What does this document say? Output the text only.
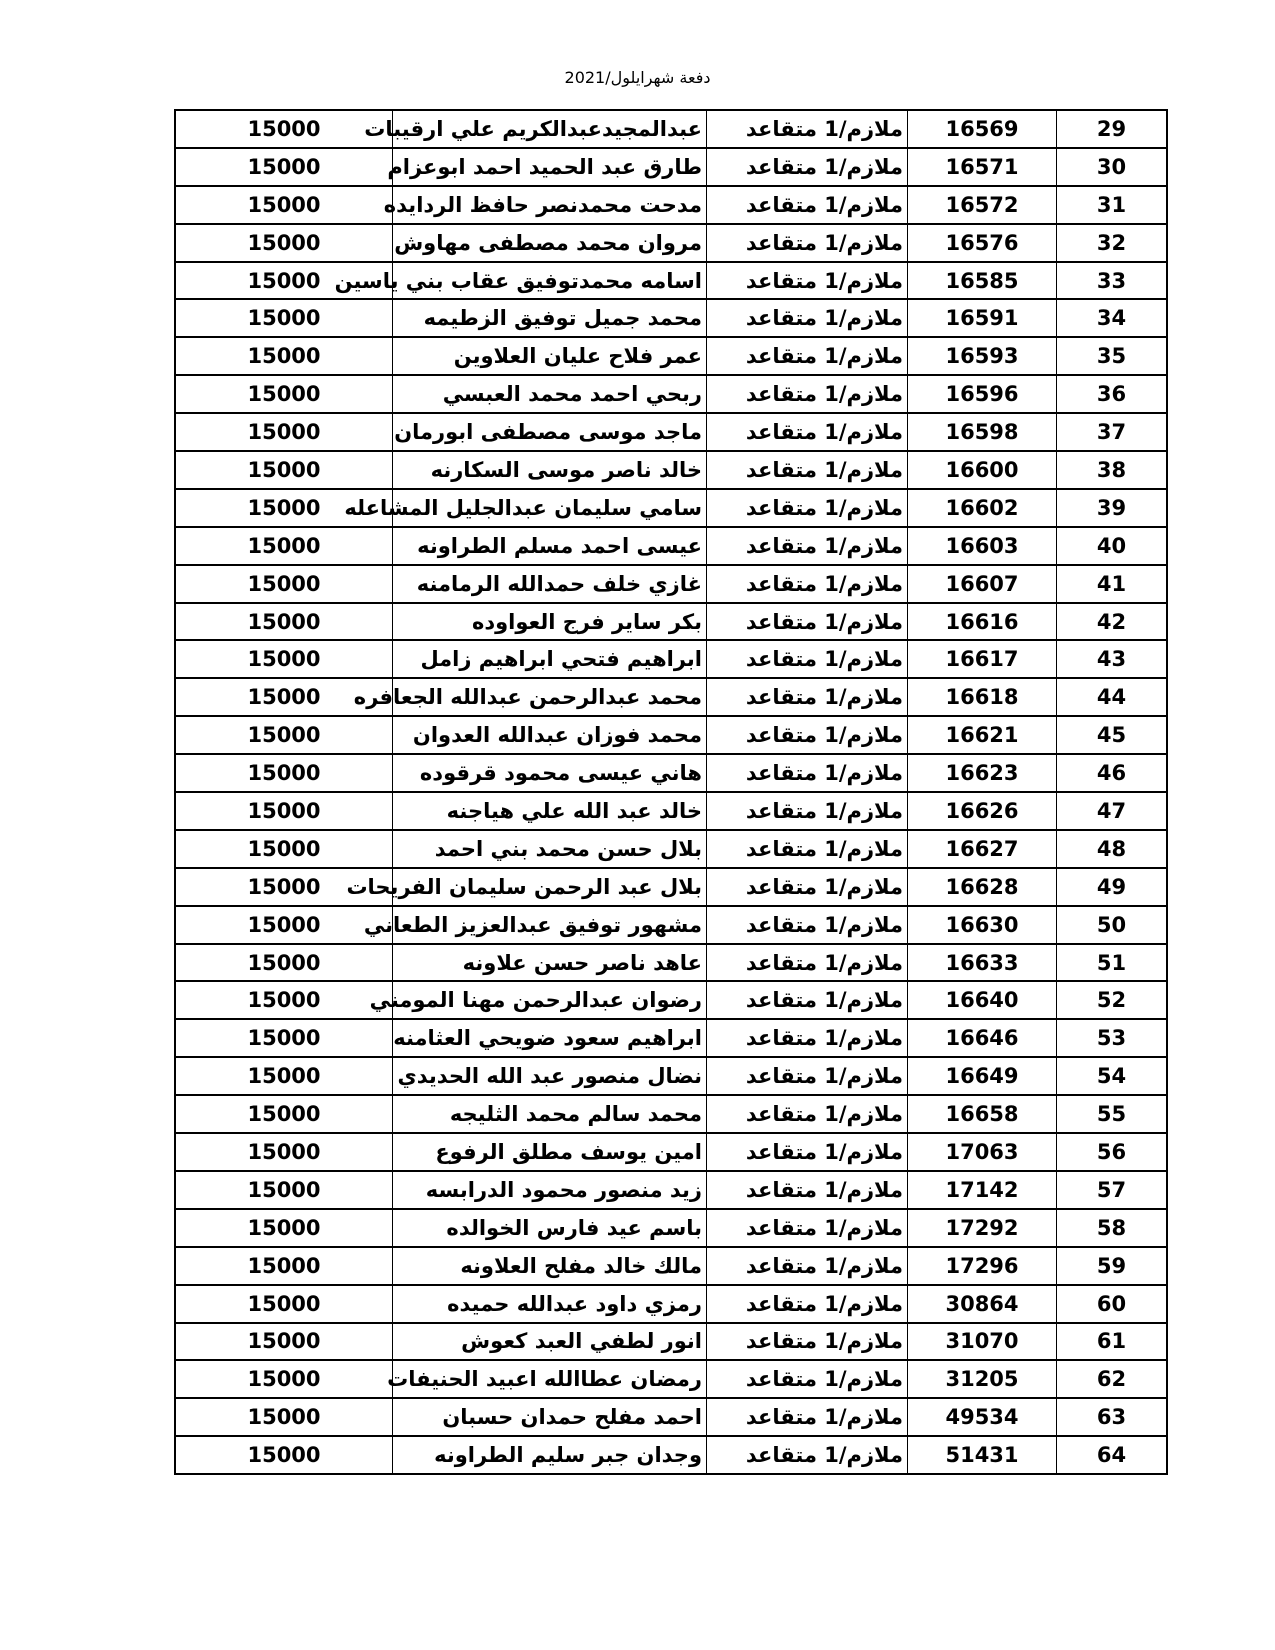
دفعة شهرايلول/2021
29	16569	ملازم/1 متقاعد	عبدالمجيدعبدالكريم علي ارقيبات	15000
30	16571	ملازم/1 متقاعد	طارق عبد الحميد احمد ابوعزام	15000
31	16572	ملازم/1 متقاعد	مدحت محمدنصر حافظ الردايده	15000
32	16576	ملازم/1 متقاعد	مروان محمد مصطفى مهاوش	15000
33	16585	ملازم/1 متقاعد	اسامه محمدتوفيق عقاب بني ياسين	15000
34	16591	ملازم/1 متقاعد	محمد جميل توفيق الزطيمه	15000
35	16593	ملازم/1 متقاعد	عمر فلاح عليان العلاوين	15000
36	16596	ملازم/1 متقاعد	ربحي احمد محمد العبسي	15000
37	16598	ملازم/1 متقاعد	ماجد موسى مصطفى ابورمان	15000
38	16600	ملازم/1 متقاعد	خالد ناصر موسى السكارنه	15000
39	16602	ملازم/1 متقاعد	سامي سليمان عبدالجليل المشاعله	15000
40	16603	ملازم/1 متقاعد	عيسى احمد مسلم الطراونه	15000
41	16607	ملازم/1 متقاعد	غازي خلف حمدالله الرمامنه	15000
42	16616	ملازم/1 متقاعد	بكر ساير فرج العواوده	15000
43	16617	ملازم/1 متقاعد	ابراهيم فتحي ابراهيم زامل	15000
44	16618	ملازم/1 متقاعد	محمد عبدالرحمن عبدالله الجعافره	15000
45	16621	ملازم/1 متقاعد	محمد فوزان عبدالله العدوان	15000
46	16623	ملازم/1 متقاعد	هاني عيسى محمود قرقوده	15000
47	16626	ملازم/1 متقاعد	خالد عبد الله علي هياجنه	15000
48	16627	ملازم/1 متقاعد	بلال حسن محمد بني احمد	15000
49	16628	ملازم/1 متقاعد	بلال عبد الرحمن سليمان الفريحات	15000
50	16630	ملازم/1 متقاعد	مشهور توفيق عبدالعزيز الطعاني	15000
51	16633	ملازم/1 متقاعد	عاهد ناصر حسن علاونه	15000
52	16640	ملازم/1 متقاعد	رضوان عبدالرحمن مهنا المومني	15000
53	16646	ملازم/1 متقاعد	ابراهيم سعود ضويحي العثامنه	15000
54	16649	ملازم/1 متقاعد	نضال منصور عبد الله الحديدي	15000
55	16658	ملازم/1 متقاعد	محمد سالم محمد الثليجه	15000
56	17063	ملازم/1 متقاعد	امين يوسف مطلق الرفوع	15000
57	17142	ملازم/1 متقاعد	زيد منصور محمود الدرابسه	15000
58	17292	ملازم/1 متقاعد	باسم عيد فارس الخوالده	15000
59	17296	ملازم/1 متقاعد	مالك خالد مفلح العلاونه	15000
60	30864	ملازم/1 متقاعد	رمزي داود عبدالله حميده	15000
61	31070	ملازم/1 متقاعد	انور لطفي العبد كعوش	15000
62	31205	ملازم/1 متقاعد	رمضان عطاالله اعبيد الحنيفات	15000
63	49534	ملازم/1 متقاعد	احمد مفلح حمدان حسبان	15000
64	51431	ملازم/1 متقاعد	وجدان جبر سليم الطراونه	15000
